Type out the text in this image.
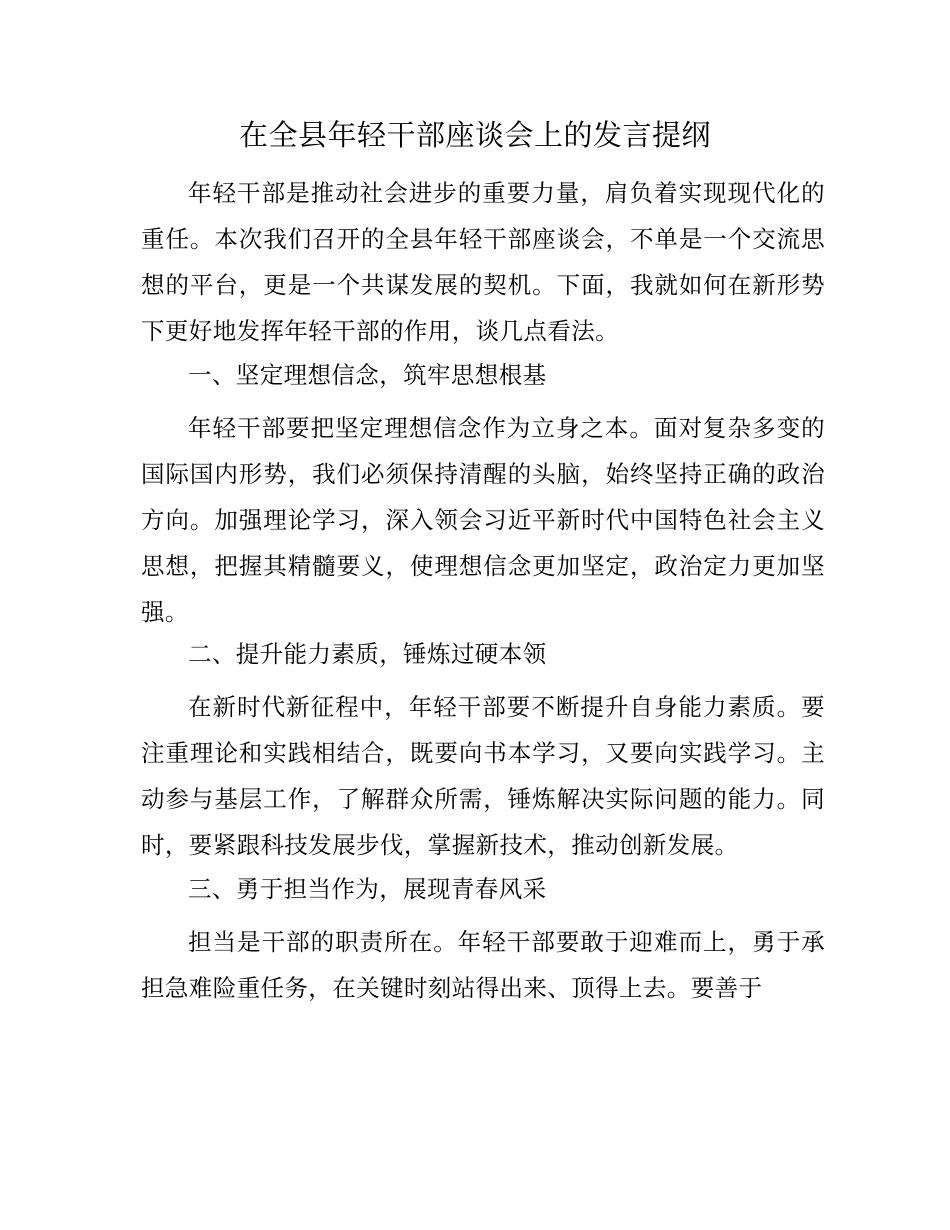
在全县年轻干部座谈会上的发言提纲

年轻干部是推动社会进步的重要力量，肩负着实现现代化的重任。本次我们召开的全县年轻干部座谈会，不单是一个交流思想的平台，更是一个共谋发展的契机。下面，我就如何在新形势下更好地发挥年轻干部的作用，谈几点看法。

一、坚定理想信念，筑牢思想根基

年轻干部要把坚定理想信念作为立身之本。面对复杂多变的国际国内形势，我们必须保持清醒的头脑，始终坚持正确的政治方向。加强理论学习，深入领会习近平新时代中国特色社会主义思想，把握其精髓要义，使理想信念更加坚定，政治定力更加坚强。

二、提升能力素质，锤炼过硬本领

在新时代新征程中，年轻干部要不断提升自身能力素质。要注重理论和实践相结合，既要向书本学习，又要向实践学习。主动参与基层工作，了解群众所需，锤炼解决实际问题的能力。同时，要紧跟科技发展步伐，掌握新技术，推动创新发展。

三、勇于担当作为，展现青春风采

担当是干部的职责所在。年轻干部要敢于迎难而上，勇于承担急难险重任务，在关键时刻站得出来、顶得上去。要善于
